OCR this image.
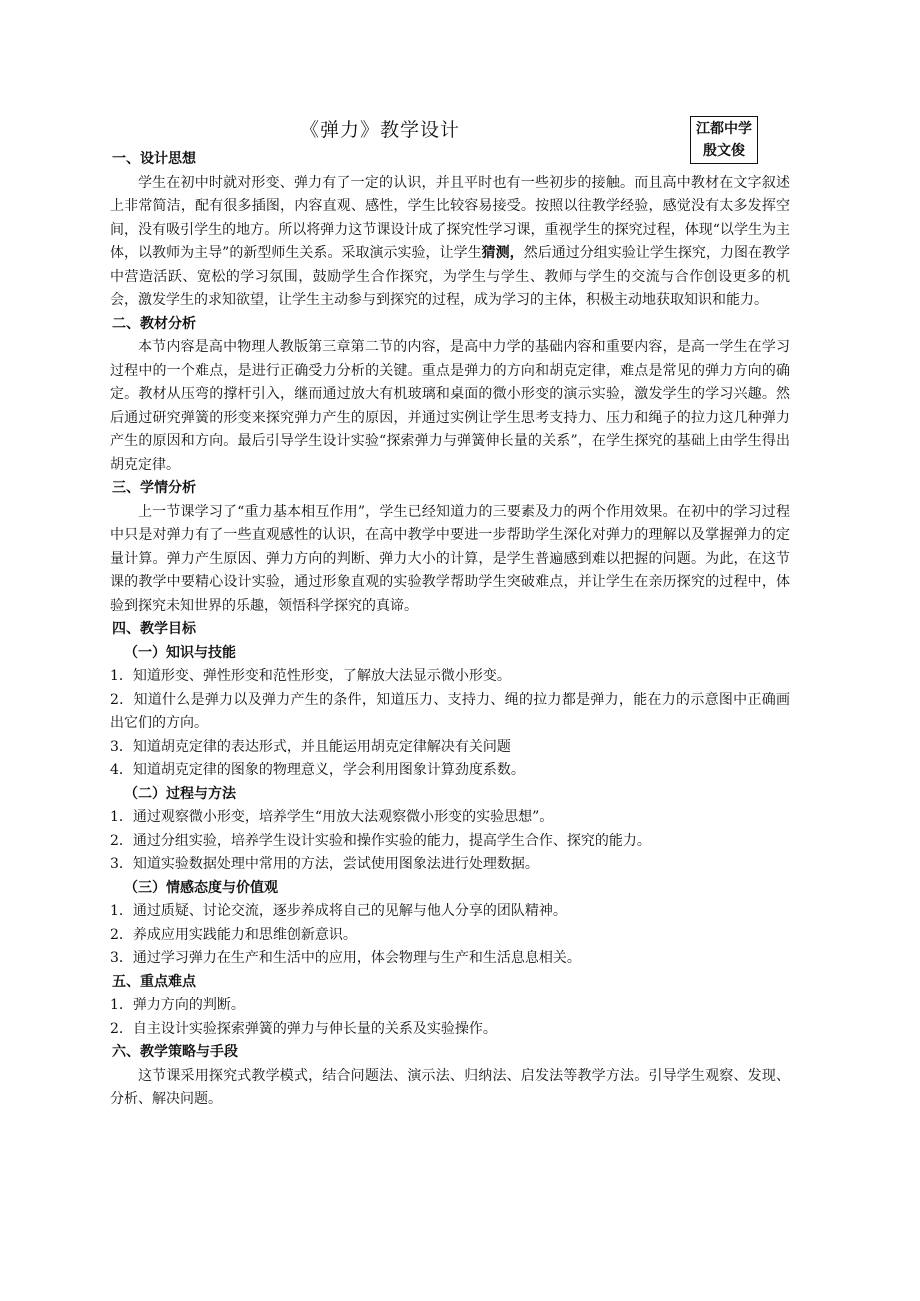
《弹力》教学设计	江都中学
殷文俊
一、设计思想

学生在初中时就对形变、弹力有了一定的认识，并且平时也有一些初步的接触。而且高中教材在文字叙述上非常简洁，配有很多插图，内容直观、感性，学生比较容易接受。按照以往教学经验，感觉没有太多发挥空间，没有吸引学生的地方。所以将弹力这节课设计成了探究性学习课，重视学生的探究过程，体现“以学生为主体，以教师为主导”的新型师生关系。采取演示实验，让学生猜测，然后通过分组实验让学生探究，力图在教学中营造活跃、宽松的学习氛围，鼓励学生合作探究，为学生与学生、教师与学生的交流与合作创设更多的机会，激发学生的求知欲望，让学生主动参与到探究的过程，成为学习的主体，积极主动地获取知识和能力。

二、教材分析

本节内容是高中物理人教版第三章第二节的内容，是高中力学的基础内容和重要内容，是高一学生在学习过程中的一个难点，是进行正确受力分析的关键。重点是弹力的方向和胡克定律，难点是常见的弹力方向的确定。教材从压弯的撑杆引入，继而通过放大有机玻璃和桌面的微小形变的演示实验，激发学生的学习兴趣。然后通过研究弹簧的形变来探究弹力产生的原因，并通过实例让学生思考支持力、压力和绳子的拉力这几种弹力产生的原因和方向。最后引导学生设计实验“探索弹力与弹簧伸长量的关系”，在学生探究的基础上由学生得出胡克定律。

三、学情分析

上一节课学习了“重力基本相互作用”，学生已经知道力的三要素及力的两个作用效果。在初中的学习过程中只是对弹力有了一些直观感性的认识，在高中教学中要进一步帮助学生深化对弹力的理解以及掌握弹力的定量计算。弹力产生原因、弹力方向的判断、弹力大小的计算，是学生普遍感到难以把握的问题。为此，在这节课的教学中要精心设计实验，通过形象直观的实验教学帮助学生突破难点，并让学生在亲历探究的过程中，体验到探究未知世界的乐趣，领悟科学探究的真谛。

四、教学目标
（一）知识与技能

1．知道形变、弹性形变和范性形变，了解放大法显示微小形变。

2．知道什么是弹力以及弹力产生的条件，知道压力、支持力、绳的拉力都是弹力，能在力的示意图中正确画出它们的方向。

3．知道胡克定律的表达形式，并且能运用胡克定律解决有关问题

4．知道胡克定律的图象的物理意义，学会利用图象计算劲度系数。

（二）过程与方法

1．通过观察微小形变，培养学生“用放大法观察微小形变的实验思想”。

2．通过分组实验，培养学生设计实验和操作实验的能力，提高学生合作、探究的能力。

3．知道实验数据处理中常用的方法，尝试使用图象法进行处理数据。

（三）情感态度与价值观

1．通过质疑、讨论交流，逐步养成将自己的见解与他人分享的团队精神。

2．养成应用实践能力和思维创新意识。

3．通过学习弹力在生产和生活中的应用，体会物理与生产和生活息息相关。

五、重点难点

1．弹力方向的判断。

2．自主设计实验探索弹簧的弹力与伸长量的关系及实验操作。

六、教学策略与手段

这节课采用探究式教学模式，结合问题法、演示法、归纳法、启发法等教学方法。引导学生观察、发现、分析、解决问题。
